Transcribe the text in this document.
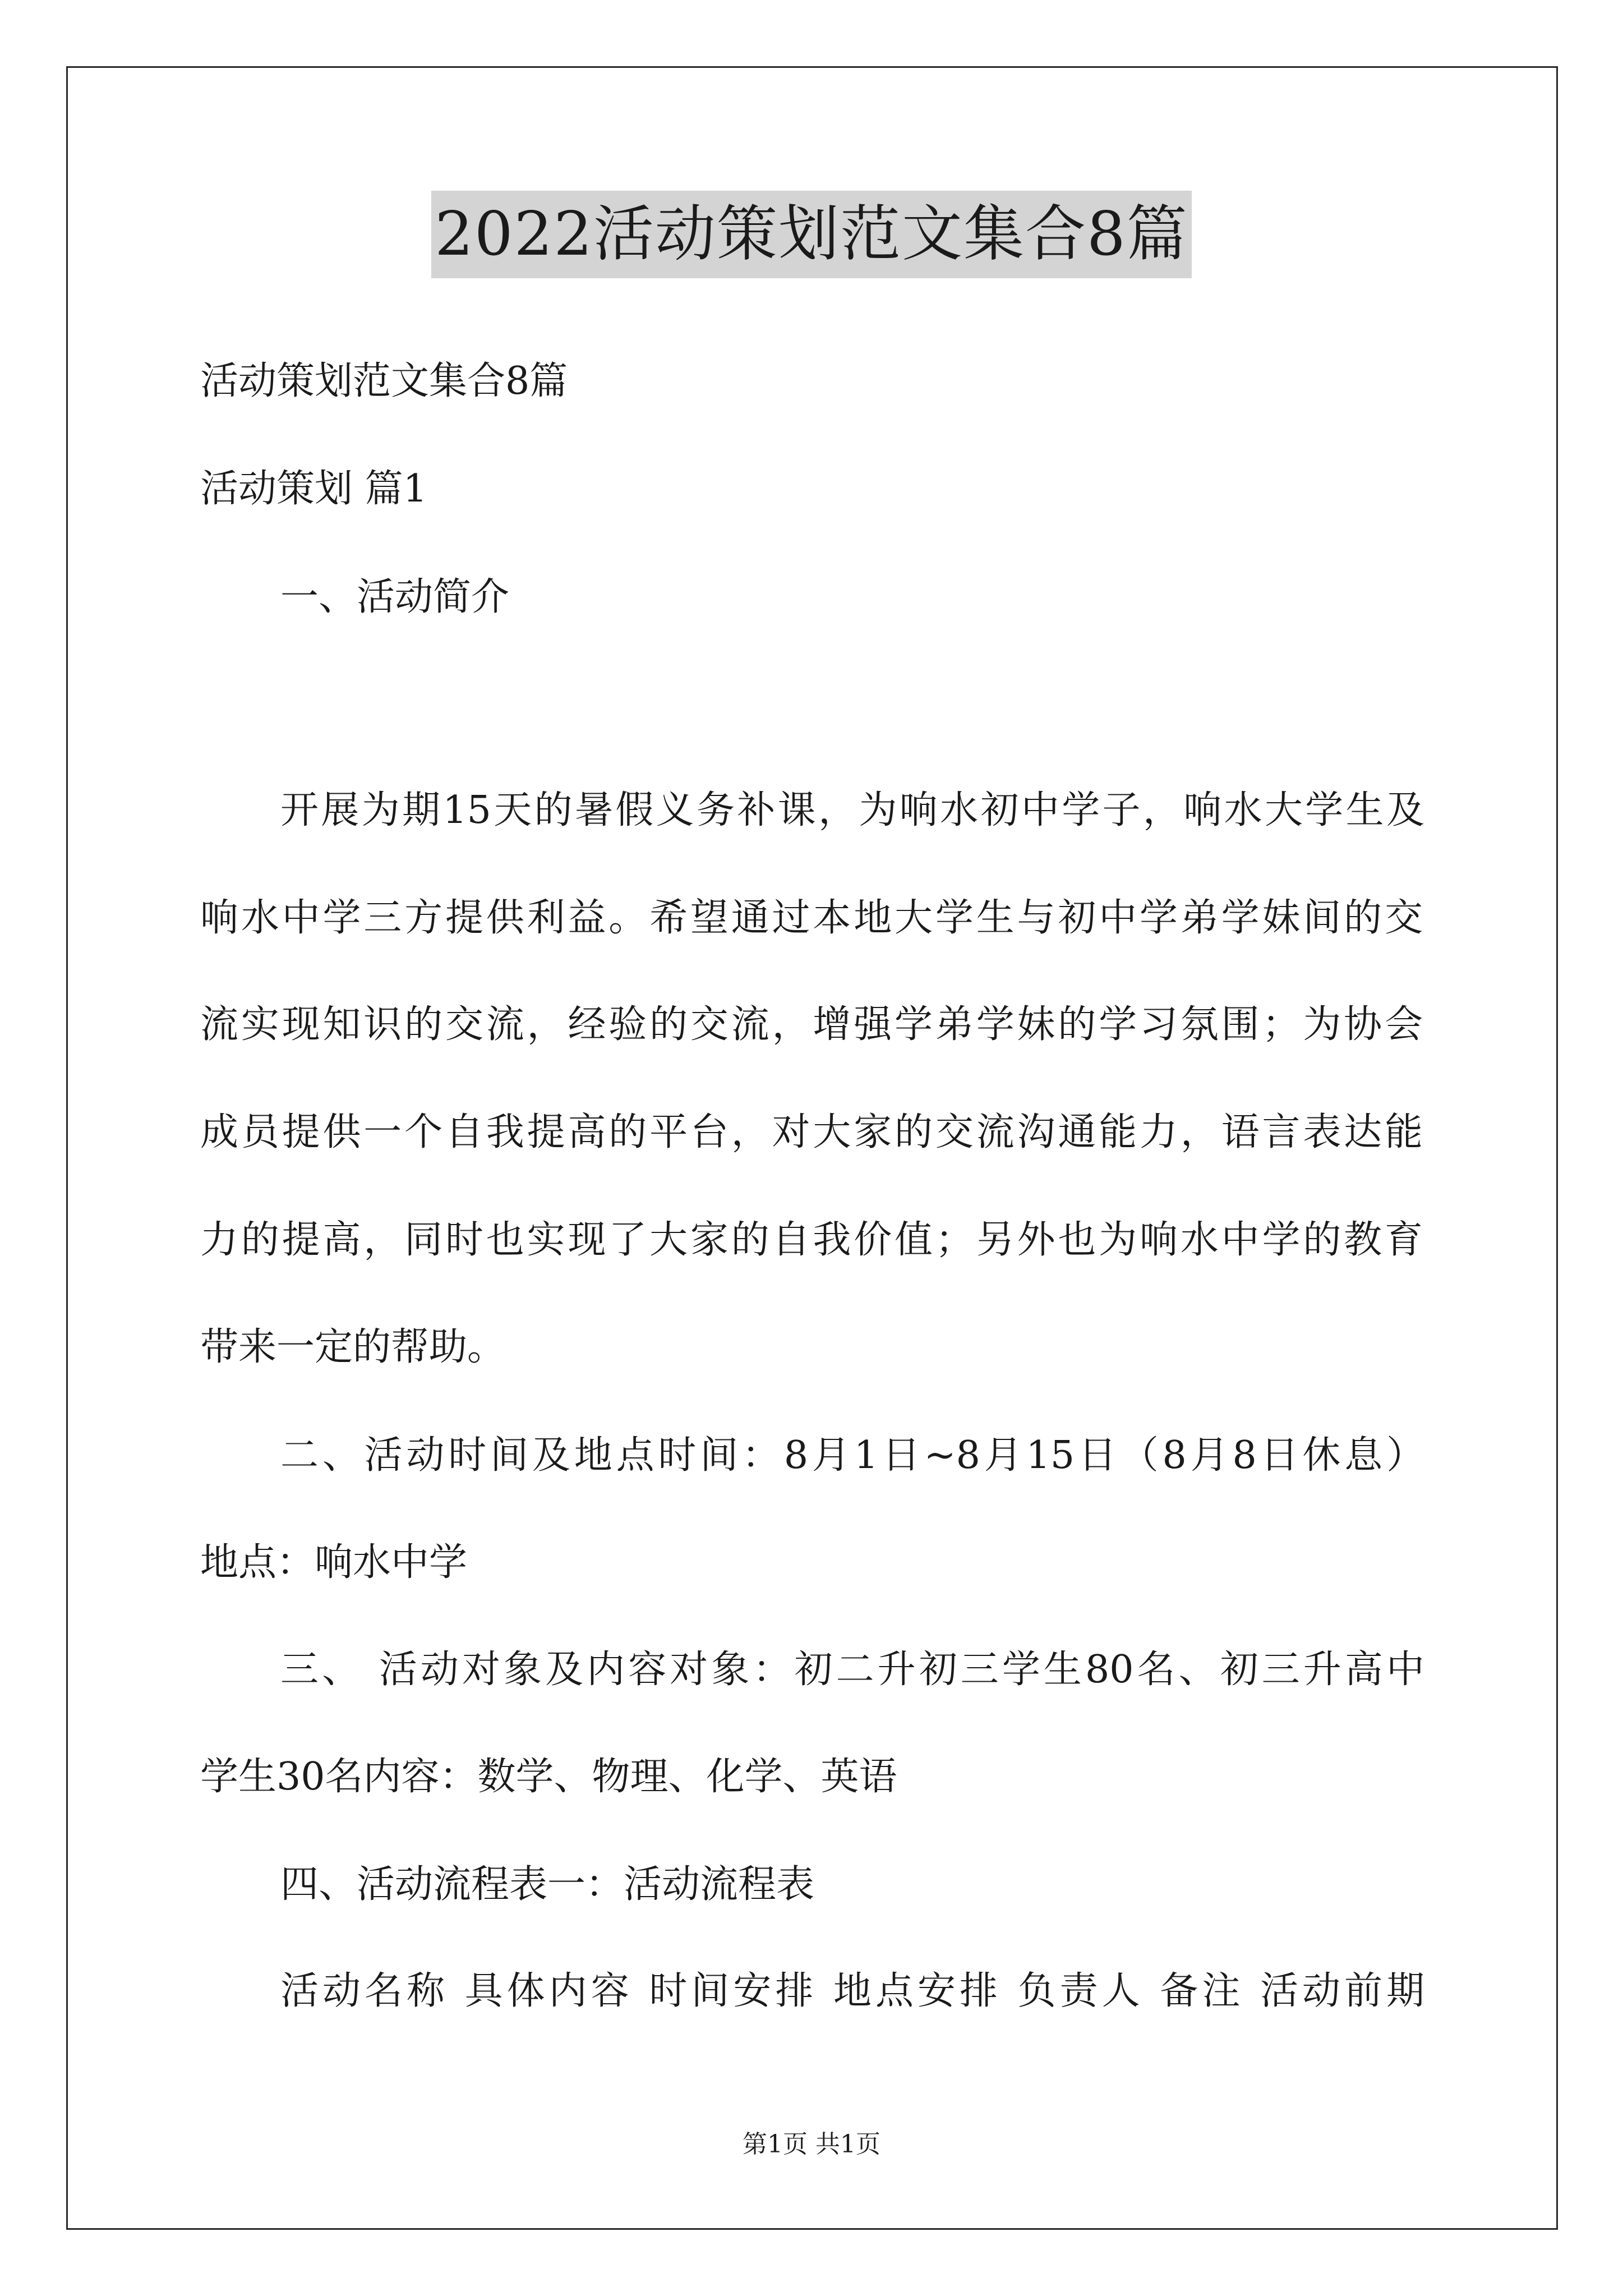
2022活动策划范文集合8篇
活动策划范文集合8篇
活动策划 篇1
一、活动简介
开展为期15天的暑假义务补课，为响水初中学子，响水大学生及
响水中学三方提供利益。希望通过本地大学生与初中学弟学妹间的交
流实现知识的交流，经验的交流，增强学弟学妹的学习氛围；为协会
成员提供一个自我提高的平台，对大家的交流沟通能力，语言表达能
力的提高，同时也实现了大家的自我价值；另外也为响水中学的教育
带来一定的帮助。
二、活动时间及地点时间：8月1日~8月15日（8月8日休息）
地点：响水中学
三、 活动对象及内容对象：初二升初三学生80名、初三升高中
学生30名内容：数学、物理、化学、英语
四、活动流程表一：活动流程表
活动名称 具体内容 时间安排 地点安排 负责人 备注 活动前期
第1页 共1页
